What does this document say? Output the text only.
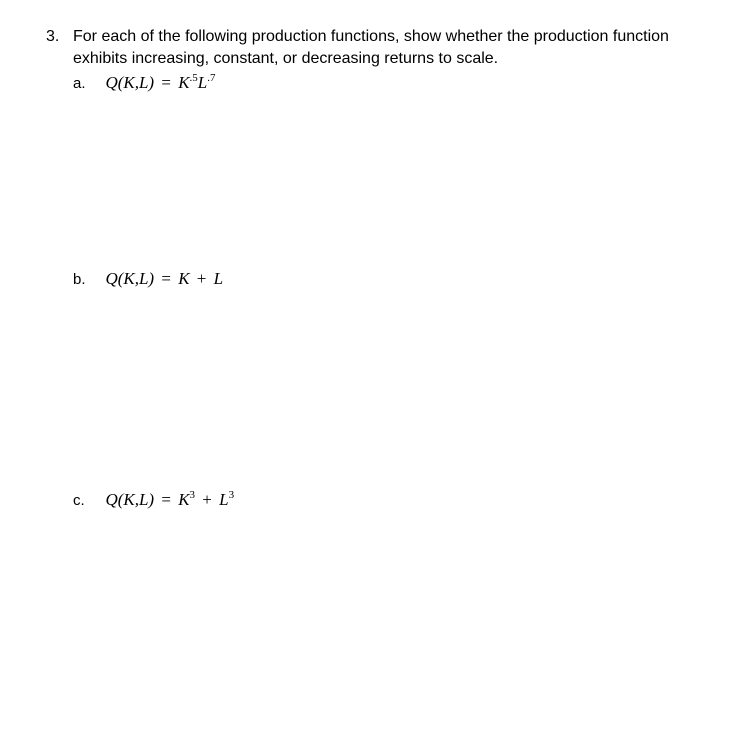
3. For each of the following production functions, show whether the production function exhibits increasing, constant, or decreasing returns to scale.
a. $Q(K,L) = K^{.5}L^{.7}$
b. Q(K,L) = K + L
c. $Q(K,L) = K^3 + L^3$
